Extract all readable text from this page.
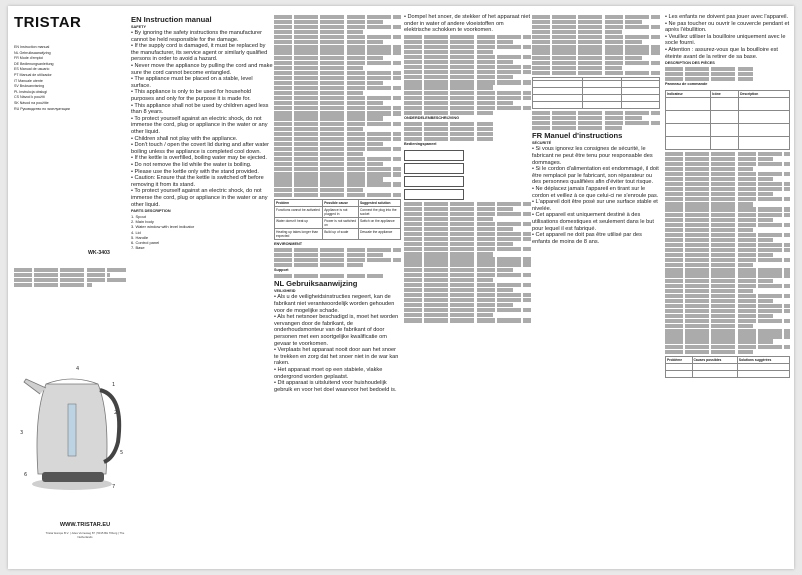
TRISTAR
EN Instruction manual
NL Gebruiksaanwijzing
FR Mode d'emploi
DE Bedienungsanleitung
ES Manual de usuario
PT Manual de utilizador
IT Manuale utente
SV Bruksanvisning
PL Instrukcja obsługi
CS Návod k použití
SK Návod na použitie
RU Руководство по эксплуатации
WK-3403
1
2
3
4
5
6
7
WWW.TRISTAR.EU
Tristar Europe B.V. | Jules Verneweg 87 | 5015 BH Tilburg | The Netherlands
EN Instruction manual
SAFETY

• By ignoring the safety instructions the manufacturer cannot be held responsible for the damage.

• If the supply cord is damaged, it must be replaced by the manufacturer, its service agent or similarly qualified persons in order to avoid a hazard.

• Never move the appliance by pulling the cord and make sure the cord cannot become entangled.

• The appliance must be placed on a stable, level surface.

• This appliance is only to be used for household purposes and only for the purpose it is made for.

• This appliance shall not be used by children aged less than 8 years.

• To protect yourself against an electric shock, do not immerse the cord, plug or appliance in the water or any other liquid.

• Children shall not play with the appliance.

• Don't touch / open the covert lid during and after water boiling unless the appliance is completed cool down.

• If the kettle is overfilled, boiling water may be ejected.

• Do not remove the lid while the water is boiling.

• Please use the kettle only with the stand provided.

• Caution: Ensure that the kettle is switched off before removing it from its stand.

• To protect yourself against an electric shock, do not immerse the cord, plug or appliance in the water or any other liquid.

PARTS DESCRIPTION

1. Spout

2. Main body

3. Water window with level indicator

4. Lid

5. Handle

6. Control panel

7. Base

Problem	Possible cause	Suggested solution
Functions cannot be activated	Appliance is not plugged in	Connect the plug into the socket
Water doesn't heat up	Power is not switched on	Switch on the appliance
Heating up takes longer than expected	Build up of scale	Descale the appliance
ENVIRONMENT
Support
NL Gebruiksaanwijzing
VEILIGHEID

• Als u de veiligheidsinstructies negeert, kan de fabrikant niet verantwoordelijk worden gehouden voor de mogelijke schade.

• Als het netsnoer beschadigd is, moet het worden vervangen door de fabrikant, de onderhoudsmonteur van de fabrikant of door personen met een soortgelijke kwalificatie om gevaar te voorkomen.

• Verplaats het apparaat nooit door aan het snoer te trekken en zorg dat het snoer niet in de war kan raken.

• Het apparaat moet op een stabiele, vlakke ondergrond worden geplaatst.

• Dit apparaat is uitsluitend voor huishoudelijk gebruik en voor het doel waarvoor het bedoeld is.

• Dompel het snoer, de stekker of het apparaat niet onder in water of andere vloeistoffen om elektrische schokken te voorkomen.

ONDERDELENBESCHRIJVING
Bedieningspaneel

FR Manuel d'instructions
SÉCURITÉ

• Si vous ignorez les consignes de sécurité, le fabricant ne peut être tenu pour responsable des dommages.

• Si le cordon d'alimentation est endommagé, il doit être remplacé par le fabricant, son réparateur ou des personnes qualifiées afin d'éviter tout risque.

• Ne déplacez jamais l'appareil en tirant sur le cordon et veillez à ce que celui-ci ne s'enroule pas.

• L'appareil doit être posé sur une surface stable et nivelée.

• Cet appareil est uniquement destiné à des utilisations domestiques et seulement dans le but pour lequel il est fabriqué.

• Cet appareil ne doit pas être utilisé par des enfants de moins de 8 ans.

• Les enfants ne doivent pas jouer avec l'appareil.

• Ne pas toucher ou ouvrir le couvercle pendant et après l'ébullition.

• Veuillez utiliser la bouilloire uniquement avec le socle fourni.

• Attention : assurez-vous que la bouilloire est éteinte avant de la retirer de sa base.

DESCRIPTION DES PIÈCES
Panneau de commande
Indicateur	Icône	Description

Problème	Causes possibles	Solutions suggérées
